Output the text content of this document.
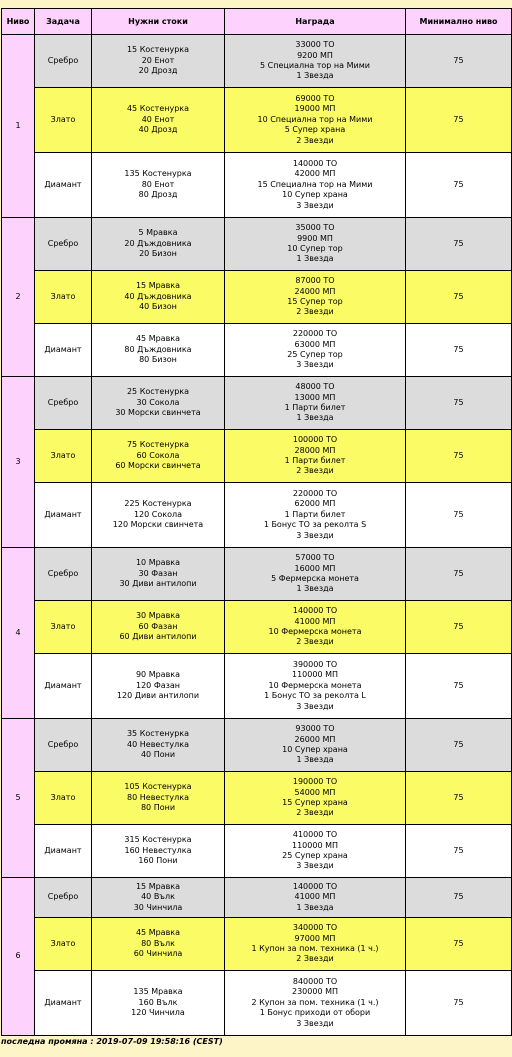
Ниво	Задача	Нужни стоки	Награда	Минимално ниво
1	Сребро	15 Костенурка
20 Енот
20 Дрозд	33000 ТО
9200 МП
5 Специална тор на Мими
1 Звезда	75
	Злато	45 Костенурка
40 Енот
40 Дрозд	69000 ТО
19000 МП
10 Специална тор на Мими
5 Супер храна
2 Звезди	75
	Диамант	135 Костенурка
80 Енот
80 Дрозд	140000 ТО
42000 МП
15 Специална тор на Мими
10 Супер храна
3 Звезди	75
2	Сребро	5 Мравка
20 Дъждовника
20 Бизон	35000 ТО
9900 МП
10 Супер тор
1 Звезда	75
	Злато	15 Мравка
40 Дъждовника
40 Бизон	87000 ТО
24000 МП
15 Супер тор
2 Звезди	75
	Диамант	45 Мравка
80 Дъждовника
80 Бизон	220000 ТО
63000 МП
25 Супер тор
3 Звезди	75
3	Сребро	25 Костенурка
30 Сокола
30 Морски свинчета	48000 ТО
13000 МП
1 Парти билет
1 Звезда	75
	Злато	75 Костенурка
60 Сокола
60 Морски свинчета	100000 ТО
28000 МП
1 Парти билет
2 Звезди	75
	Диамант	225 Костенурка
120 Сокола
120 Морски свинчета	220000 ТО
62000 МП
1 Парти билет
1 Бонус ТО за реколта S
3 Звезди	75
4	Сребро	10 Мравка
30 Фазан
30 Диви антилопи	57000 ТО
16000 МП
5 Фермерска монета
1 Звезда	75
	Злато	30 Мравка
60 Фазан
60 Диви антилопи	140000 ТО
41000 МП
10 Фермерска монета
2 Звезди	75
	Диамант	90 Мравка
120 Фазан
120 Диви антилопи	390000 ТО
110000 МП
10 Фермерска монета
1 Бонус ТО за реколта L
3 Звезди	75
5	Сребро	35 Костенурка
40 Невестулка
40 Пони	93000 ТО
26000 МП
10 Супер храна
1 Звезда	75
	Злато	105 Костенурка
80 Невестулка
80 Пони	190000 ТО
54000 МП
15 Супер храна
2 Звезди	75
	Диамант	315 Костенурка
160 Невестулка
160 Пони	410000 ТО
110000 МП
25 Супер храна
3 Звезди	75
6	Сребро	15 Мравка
40 Вълк
30 Чинчила	140000 ТО
41000 МП
1 Звезда	75
	Злато	45 Мравка
80 Вълк
60 Чинчила	340000 ТО
97000 МП
1 Купон за пом. техника (1 ч.)
2 Звезди	75
	Диамант	135 Мравка
160 Вълк
120 Чинчила	840000 ТО
230000 МП
2 Купон за пом. техника (1 ч.)
1 Бонус приходи от обори
3 Звезди	75
последна промяна : 2019-07-09 19:58:16 (CEST)
